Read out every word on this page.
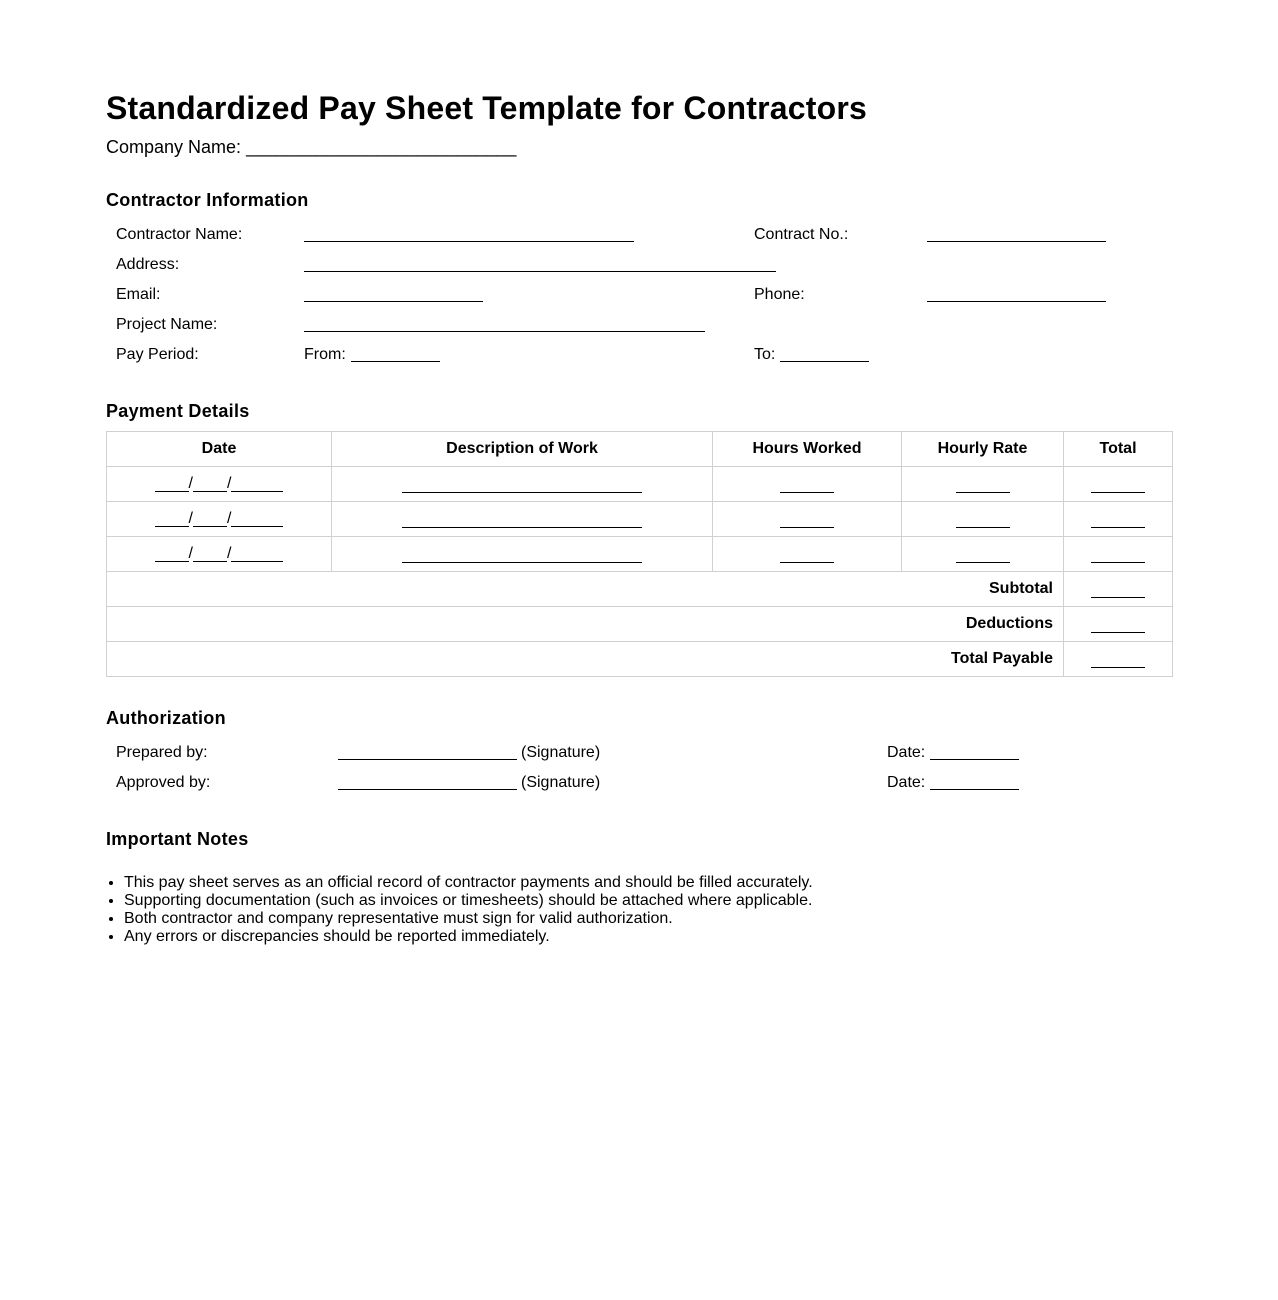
Standardized Pay Sheet Template for Contractors
Company Name: ___________________________
Contractor Information
Contractor Name:	Contract No.:
Address:
Email:	Phone:
Project Name:
Pay Period:	From:	To:
Payment Details
Date	Description of Work	Hours Worked	Hourly Rate	Total

/ /				

/ /				

/ /				

Subtotal				
Deductions				
Total Payable				
Authorization
Prepared by:	(Signature)	Date:
Approved by:	(Signature)	Date:
Important Notes
• This pay sheet serves as an official record of contractor payments and should be filled accurately.
• Supporting documentation (such as invoices or timesheets) should be attached where applicable.
• Both contractor and company representative must sign for valid authorization.
• Any errors or discrepancies should be reported immediately.
